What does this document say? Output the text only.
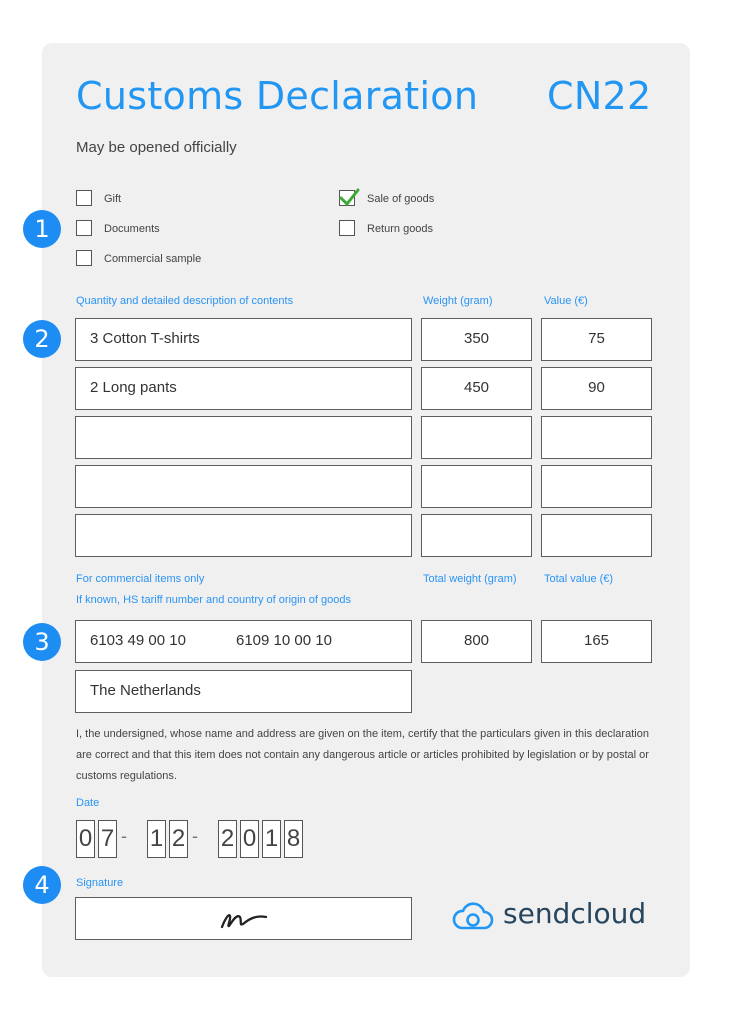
Customs Declaration CN22
May be opened officially
1
2
3
4
Gift
Documents
Commercial sample
Sale of goods
Return goods
Quantity and detailed description of contents	Weight (gram)	Value (€)
3 Cotton T-shirts	350	75
2 Long pants	450	90
For commercial items only
If known, HS tariff number and country of origin of goods
Total weight (gram) Total value (€)
6103 49 00 10	6109 10 00 10	800	165
The Netherlands
I, the undersigned, whose name and address are given on the item, certify that the particulars given in this declaration are correct and that this item does not contain any dangerous article or articles prohibited by legislation or by postal or customs regulations.
Date
0 7 - 1 2 - 2 0 1 8
Signature
sendcloud
